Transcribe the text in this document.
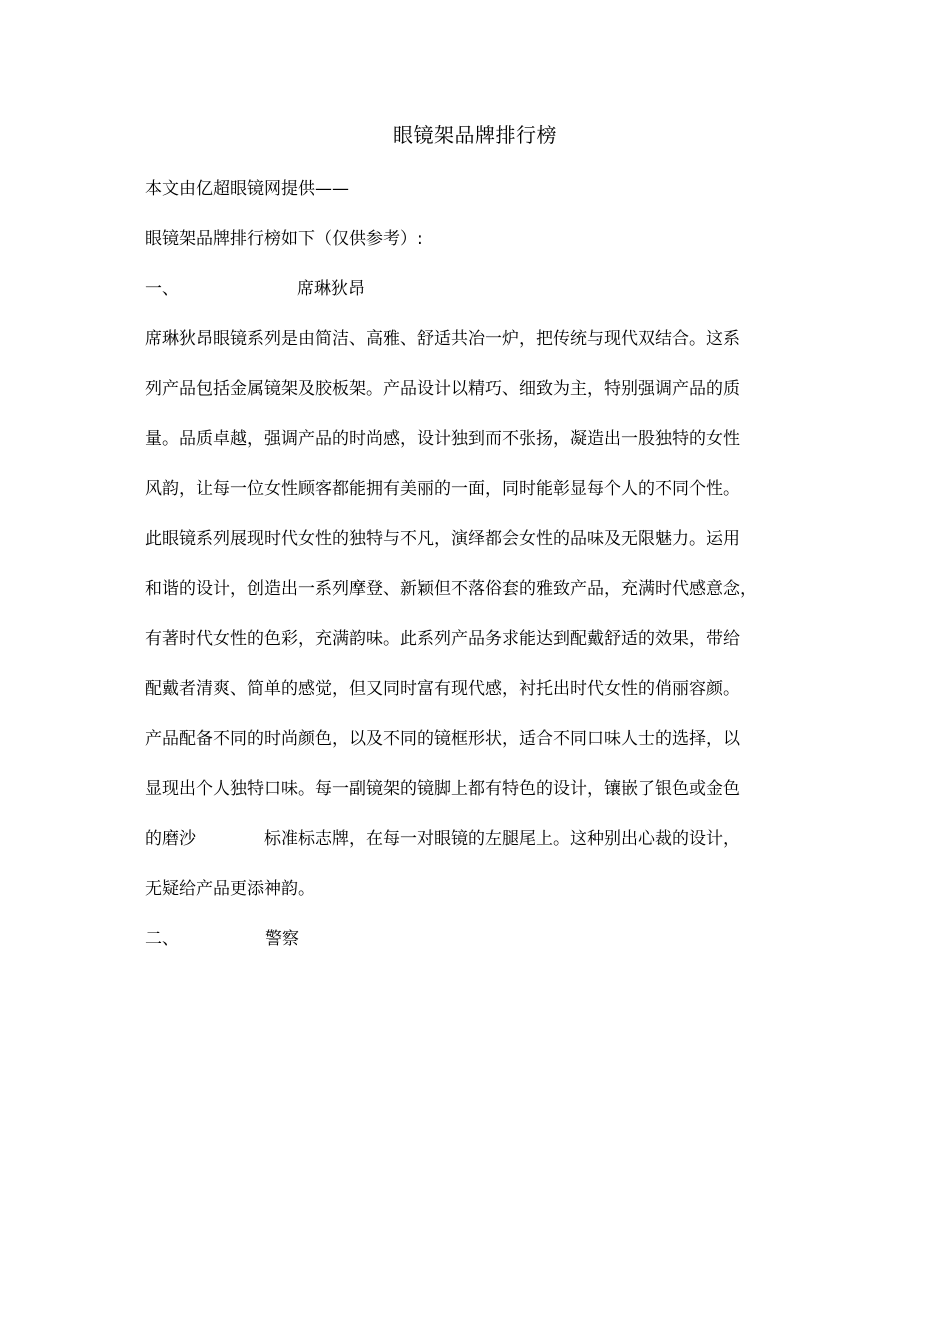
眼镜架品牌排行榜
本文由亿超眼镜网提供——
眼镜架品牌排行榜如下（仅供参考）:
一、	席琳狄昂
席琳狄昂眼镜系列是由简洁、高雅、舒适共冶一炉，把传统与现代双结合。这系
列产品包括金属镜架及胶板架。产品设计以精巧、细致为主，特别强调产品的质
量。品质卓越，强调产品的时尚感，设计独到而不张扬，凝造出一股独特的女性
风韵，让每一位女性顾客都能拥有美丽的一面，同时能彰显每个人的不同个性。
此眼镜系列展现时代女性的独特与不凡，演绎都会女性的品味及无限魅力。运用
和谐的设计，创造出一系列摩登、新颖但不落俗套的雅致产品，充满时代感意念，
有著时代女性的色彩，充满韵味。此系列产品务求能达到配戴舒适的效果，带给
配戴者清爽、简单的感觉，但又同时富有现代感，衬托出时代女性的俏丽容颜。
产品配备不同的时尚颜色，以及不同的镜框形状，适合不同口味人士的选择，以
显现出个人独特口味。每一副镜架的镜脚上都有特色的设计，镶嵌了银色或金色
的磨沙	标准标志牌，在每一对眼镜的左腿尾上。这种别出心裁的设计，
无疑给产品更添神韵。
二、	警察
